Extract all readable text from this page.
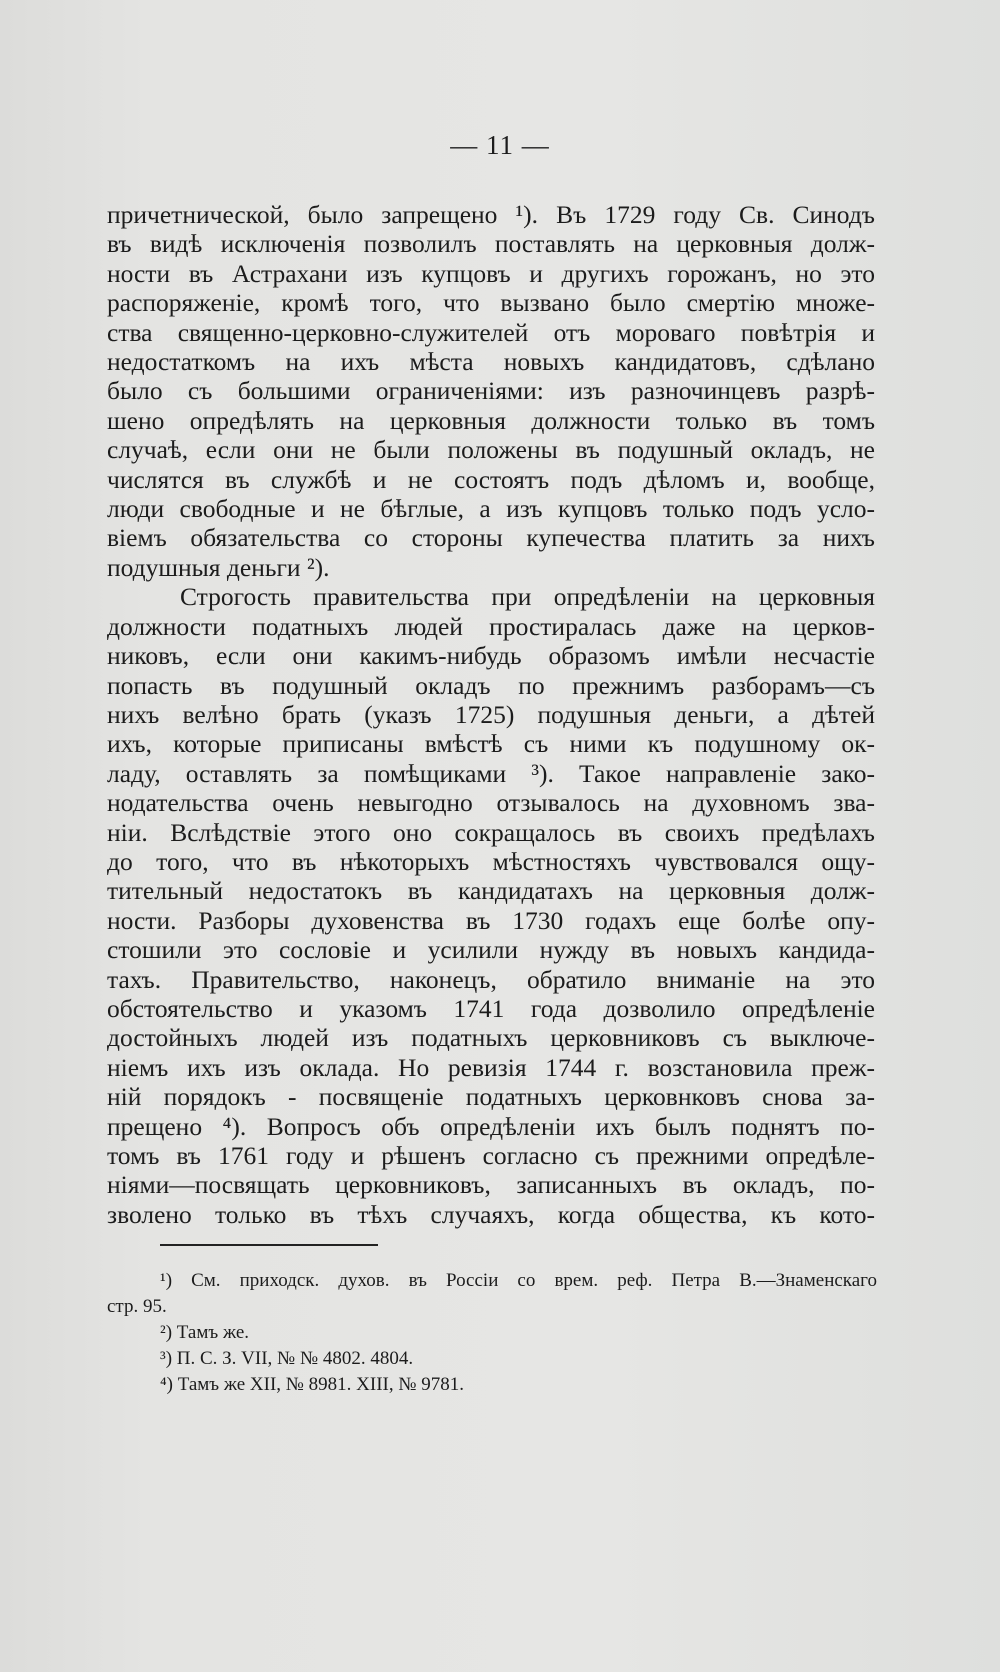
— 11 —
причетнической, было запрещено ¹). Въ 1729 году Св. Синодъ
въ видѣ исключенія позволилъ поставлять на церковныя долж-
ности въ Астрахани изъ купцовъ и другихъ горожанъ, но это
распоряженіе, кромѣ того, что вызвано было смертію множе-
ства священно-церковно-служителей отъ мороваго повѣтрія и
недостаткомъ на ихъ мѣста новыхъ кандидатовъ, сдѣлано
было съ большими ограниченіями: изъ разночинцевъ разрѣ-
шено опредѣлять на церковныя должности только въ томъ
случаѣ, если они не были положены въ подушный окладъ, не
числятся въ службѣ и не состоятъ подъ дѣломъ и, вообще,
люди свободные и не бѣглые, а изъ купцовъ только подъ усло-
віемъ обязательства со стороны купечества платить за нихъ
подушныя деньги ²).
Строгость правительства при опредѣленіи на церковныя
должности податныхъ людей простиралась даже на церков-
никовъ, если они какимъ-нибудь образомъ имѣли несчастіе
попасть въ подушный окладъ по прежнимъ разборамъ—съ
нихъ велѣно брать (указъ 1725) подушныя деньги, а дѣтей
ихъ, которые приписаны вмѣстѣ съ ними къ подушному ок-
ладу, оставлять за помѣщиками ³). Такое направленіе зако-
нодательства очень невыгодно отзывалось на духовномъ зва-
ніи. Вслѣдствіе этого оно сокращалось въ своихъ предѣлахъ
до того, что въ нѣкоторыхъ мѣстностяхъ чувствовался ощу-
тительный недостатокъ въ кандидатахъ на церковныя долж-
ности. Разборы духовенства въ 1730 годахъ еще болѣе опу-
стошили это сословіе и усилили нужду въ новыхъ кандида-
тахъ. Правительство, наконецъ, обратило вниманіе на это
обстоятельство и указомъ 1741 года дозволило опредѣленіе
достойныхъ людей изъ податныхъ церковниковъ съ выключе-
ніемъ ихъ изъ оклада. Но ревизія 1744 г. возстановила преж-
ній порядокъ - посвященіе податныхъ церковнковъ снова за-
прещено ⁴). Вопросъ объ опредѣленіи ихъ былъ поднятъ по-
томъ въ 1761 году и рѣшенъ согласно съ прежними опредѣле-
ніями—посвящать церковниковъ, записанныхъ въ окладъ, по-
зволено только въ тѣхъ случаяхъ, когда общества, къ кото-
¹) См. приходск. духов. въ Россіи со врем. реф. Петра В.—Знаменскаго
стр. 95.
²) Тамъ же.
³) П. С. З. VII, № № 4802. 4804.
⁴) Тамъ же XII, № 8981. XIII, № 9781.
